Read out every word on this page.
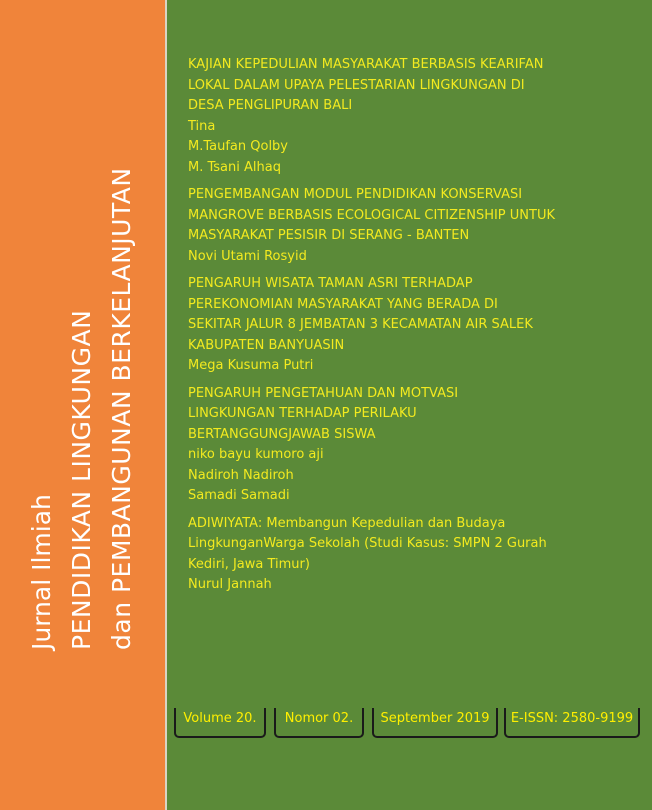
Jurnal Ilmiah PENDIDIKAN LINGKUNGAN dan PEMBANGUNAN BERKELANJUTAN
KAJIAN KEPEDULIAN MASYARAKAT BERBASIS KEARIFAN
LOKAL DALAM UPAYA PELESTARIAN LINGKUNGAN DI
DESA PENGLIPURAN BALI
Tina
M.Taufan Qolby
M. Tsani Alhaq
PENGEMBANGAN MODUL PENDIDIKAN KONSERVASI
MANGROVE BERBASIS ECOLOGICAL CITIZENSHIP UNTUK
MASYARAKAT PESISIR DI SERANG - BANTEN
Novi Utami Rosyid
PENGARUH WISATA TAMAN ASRI TERHADAP
PEREKONOMIAN MASYARAKAT YANG BERADA DI
SEKITAR JALUR 8 JEMBATAN 3 KECAMATAN AIR SALEK
KABUPATEN BANYUASIN
Mega Kusuma Putri
PENGARUH PENGETAHUAN DAN MOTVASI
LINGKUNGAN TERHADAP PERILAKU
BERTANGGUNGJAWAB SISWA
niko bayu kumoro aji
Nadiroh Nadiroh
Samadi Samadi
ADIWIYATA: Membangun Kepedulian dan Budaya
LingkunganWarga Sekolah (Studi Kasus: SMPN 2 Gurah
Kediri, Jawa Timur)
Nurul Jannah
Volume 20.	Nomor 02.	September 2019	E-ISSN: 2580-9199
